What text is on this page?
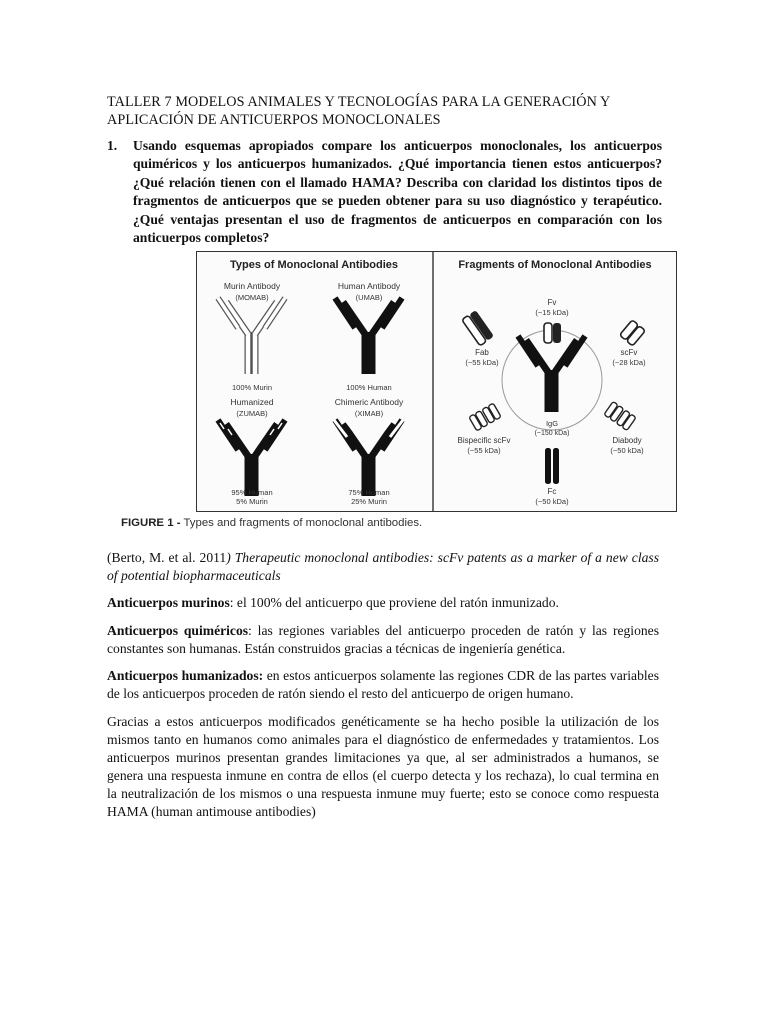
TALLER 7 MODELOS ANIMALES Y TECNOLOGÍAS PARA LA GENERACIÓN Y APLICACIÓN DE ANTICUERPOS MONOCLONALES
1. Usando esquemas apropiados compare los anticuerpos monoclonales, los anticuerpos quiméricos y los anticuerpos humanizados. ¿Qué importancia tienen estos anticuerpos? ¿Qué relación tienen con el llamado HAMA? Describa con claridad los distintos tipos de fragmentos de anticuerpos que se pueden obtener para su uso diagnóstico y terapéutico. ¿Qué ventajas presentan el uso de fragmentos de anticuerpos en comparación con los anticuerpos completos?
Types of Monoclonal Antibodies	Fragments of Monoclonal Antibodies
Murin Antibody
(MOMAB)
100% Murin
Human Antibody
(UMAB)
100% Human
Humanized
(ZUMAB)
95% Human
5% Murin
Chimeric Antibody
(XIMAB)
75% Human
25% Murin
Fv
(~15 kDa)
Fab
(~55 kDa)
scFv
(~28 kDa)
IgG
(~150 kDa)
Bispecific scFv
(~55 kDa)
Diabody
(~50 kDa)
Fc
(~50 kDa)
FIGURE 1 - Types and fragments of monoclonal antibodies.
(Berto, M. et al. 2011) Therapeutic monoclonal antibodies: scFv patents as a marker of a new class of potential biopharmaceuticals
Anticuerpos murinos: el 100% del anticuerpo que proviene del ratón inmunizado.
Anticuerpos quiméricos: las regiones variables del anticuerpo proceden de ratón y las regiones constantes son humanas. Están construidos gracias a técnicas de ingeniería genética.
Anticuerpos humanizados: en estos anticuerpos solamente las regiones CDR de las partes variables de los anticuerpos proceden de ratón siendo el resto del anticuerpo de origen humano.
Gracias a estos anticuerpos modificados genéticamente se ha hecho posible la utilización de los mismos tanto en humanos como animales para el diagnóstico de enfermedades y tratamientos. Los anticuerpos murinos presentan grandes limitaciones ya que, al ser administrados a humanos, se genera una respuesta inmune en contra de ellos (el cuerpo detecta y los rechaza), lo cual termina en la neutralización de los mismos o una respuesta inmune muy fuerte; esto se conoce como respuesta HAMA (human antimouse antibodies)
